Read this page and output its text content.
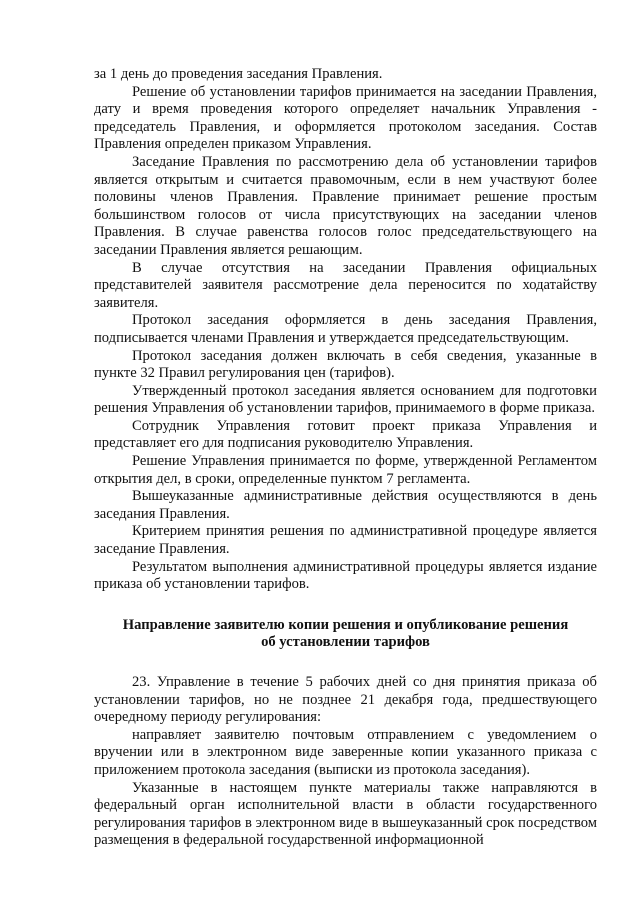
за 1 день до проведения заседания Правления.

Решение об установлении тарифов принимается на заседании Правления, дату и время проведения которого определяет начальник Управления - председатель Правления, и оформляется протоколом заседания. Состав Правления определен приказом Управления.

Заседание Правления по рассмотрению дела об установлении тарифов является открытым и считается правомочным, если в нем участвуют более половины членов Правления. Правление принимает решение простым большинством голосов от числа присутствующих на заседании членов Правления. В случае равенства голосов голос председательствующего на заседании Правления является решающим.

В случае отсутствия на заседании Правления официальных представителей заявителя рассмотрение дела переносится по ходатайству заявителя.

Протокол заседания оформляется в день заседания Правления, подписывается членами Правления и утверждается председательствующим.

Протокол заседания должен включать в себя сведения, указанные в пункте 32 Правил регулирования цен (тарифов).

Утвержденный протокол заседания является основанием для подготовки решения Управления об установлении тарифов, принимаемого в форме приказа.

Сотрудник Управления готовит проект приказа Управления и представляет его для подписания руководителю Управления.

Решение Управления принимается по форме, утвержденной Регламентом открытия дел, в сроки, определенные пунктом 7 регламента.

Вышеуказанные административные действия осуществляются в день заседания Правления.

Критерием принятия решения по административной процедуре является заседание Правления.

Результатом выполнения административной процедуры является издание приказа об установлении тарифов.

Направление заявителю копии решения и опубликование решения
об установлении тарифов

23. Управление в течение 5 рабочих дней со дня принятия приказа об установлении тарифов, но не позднее 21 декабря года, предшествующего очередному периоду регулирования:

направляет заявителю почтовым отправлением с уведомлением о вручении или в электронном виде заверенные копии указанного приказа с приложением протокола заседания (выписки из протокола заседания).

Указанные в настоящем пункте материалы также направляются в федеральный орган исполнительной власти в области государственного регулирования тарифов в электронном виде в вышеуказанный срок посредством размещения в федеральной государственной информационной
